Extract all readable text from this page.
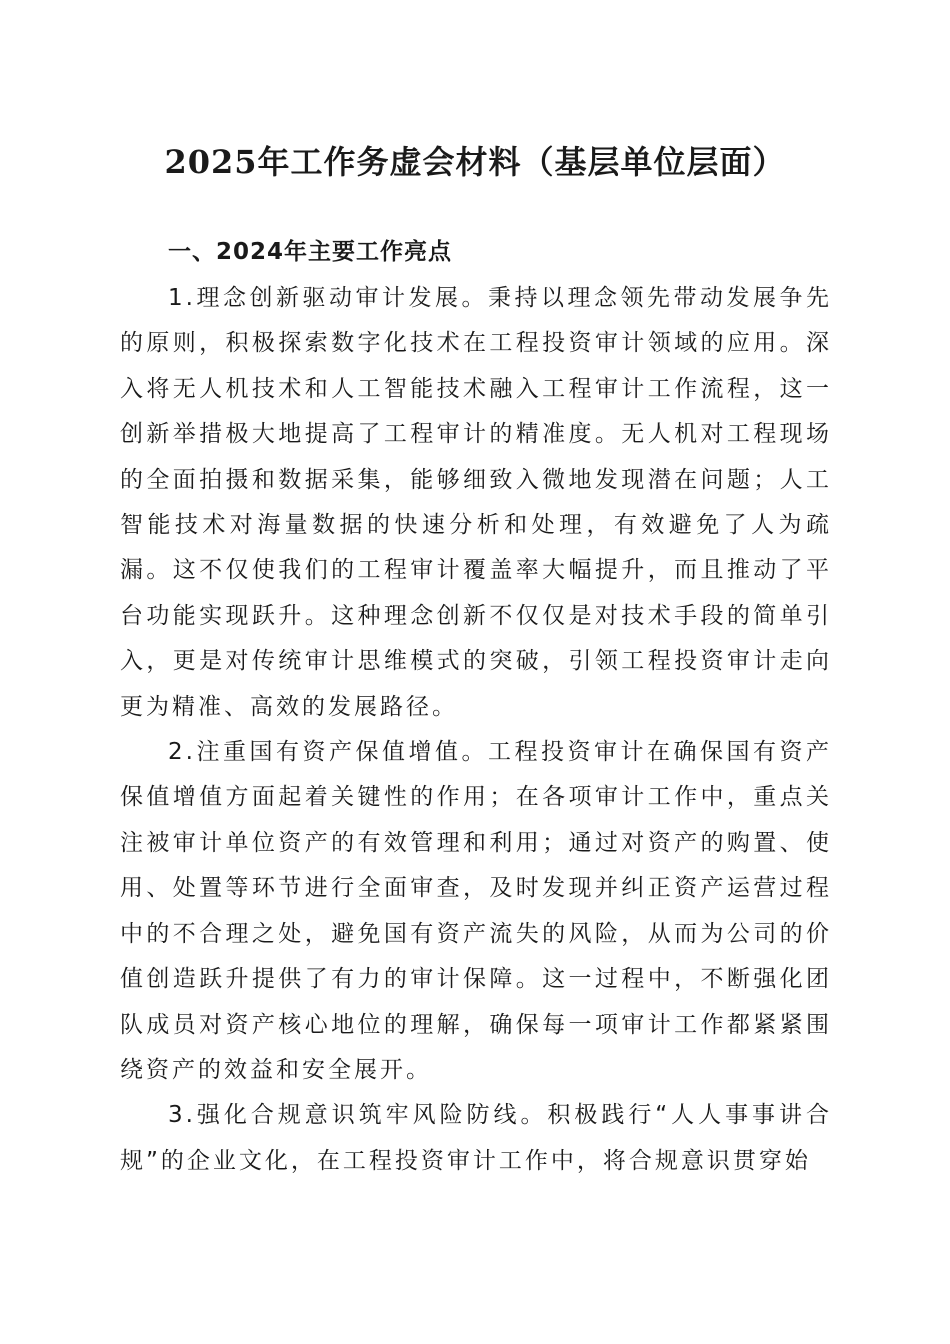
2025年工作务虚会材料（基层单位层面）

一、2024年主要工作亮点

1.理念创新驱动审计发展。秉持以理念领先带动发展争先的原则，积极探索数字化技术在工程投资审计领域的应用。深入将无人机技术和人工智能技术融入工程审计工作流程，这一创新举措极大地提高了工程审计的精准度。无人机对工程现场的全面拍摄和数据采集，能够细致入微地发现潜在问题；人工智能技术对海量数据的快速分析和处理，有效避免了人为疏漏。这不仅使我们的工程审计覆盖率大幅提升，而且推动了平台功能实现跃升。这种理念创新不仅仅是对技术手段的简单引入，更是对传统审计思维模式的突破，引领工程投资审计走向更为精准、高效的发展路径。

2.注重国有资产保值增值。工程投资审计在确保国有资产保值增值方面起着关键性的作用；在各项审计工作中，重点关注被审计单位资产的有效管理和利用；通过对资产的购置、使用、处置等环节进行全面审查，及时发现并纠正资产运营过程中的不合理之处，避免国有资产流失的风险，从而为公司的价值创造跃升提供了有力的审计保障。这一过程中，不断强化团队成员对资产核心地位的理解，确保每一项审计工作都紧紧围绕资产的效益和安全展开。

3.强化合规意识筑牢风险防线。积极践行“人人事事讲合规”的企业文化，在工程投资审计工作中，将合规意识贯穿始
